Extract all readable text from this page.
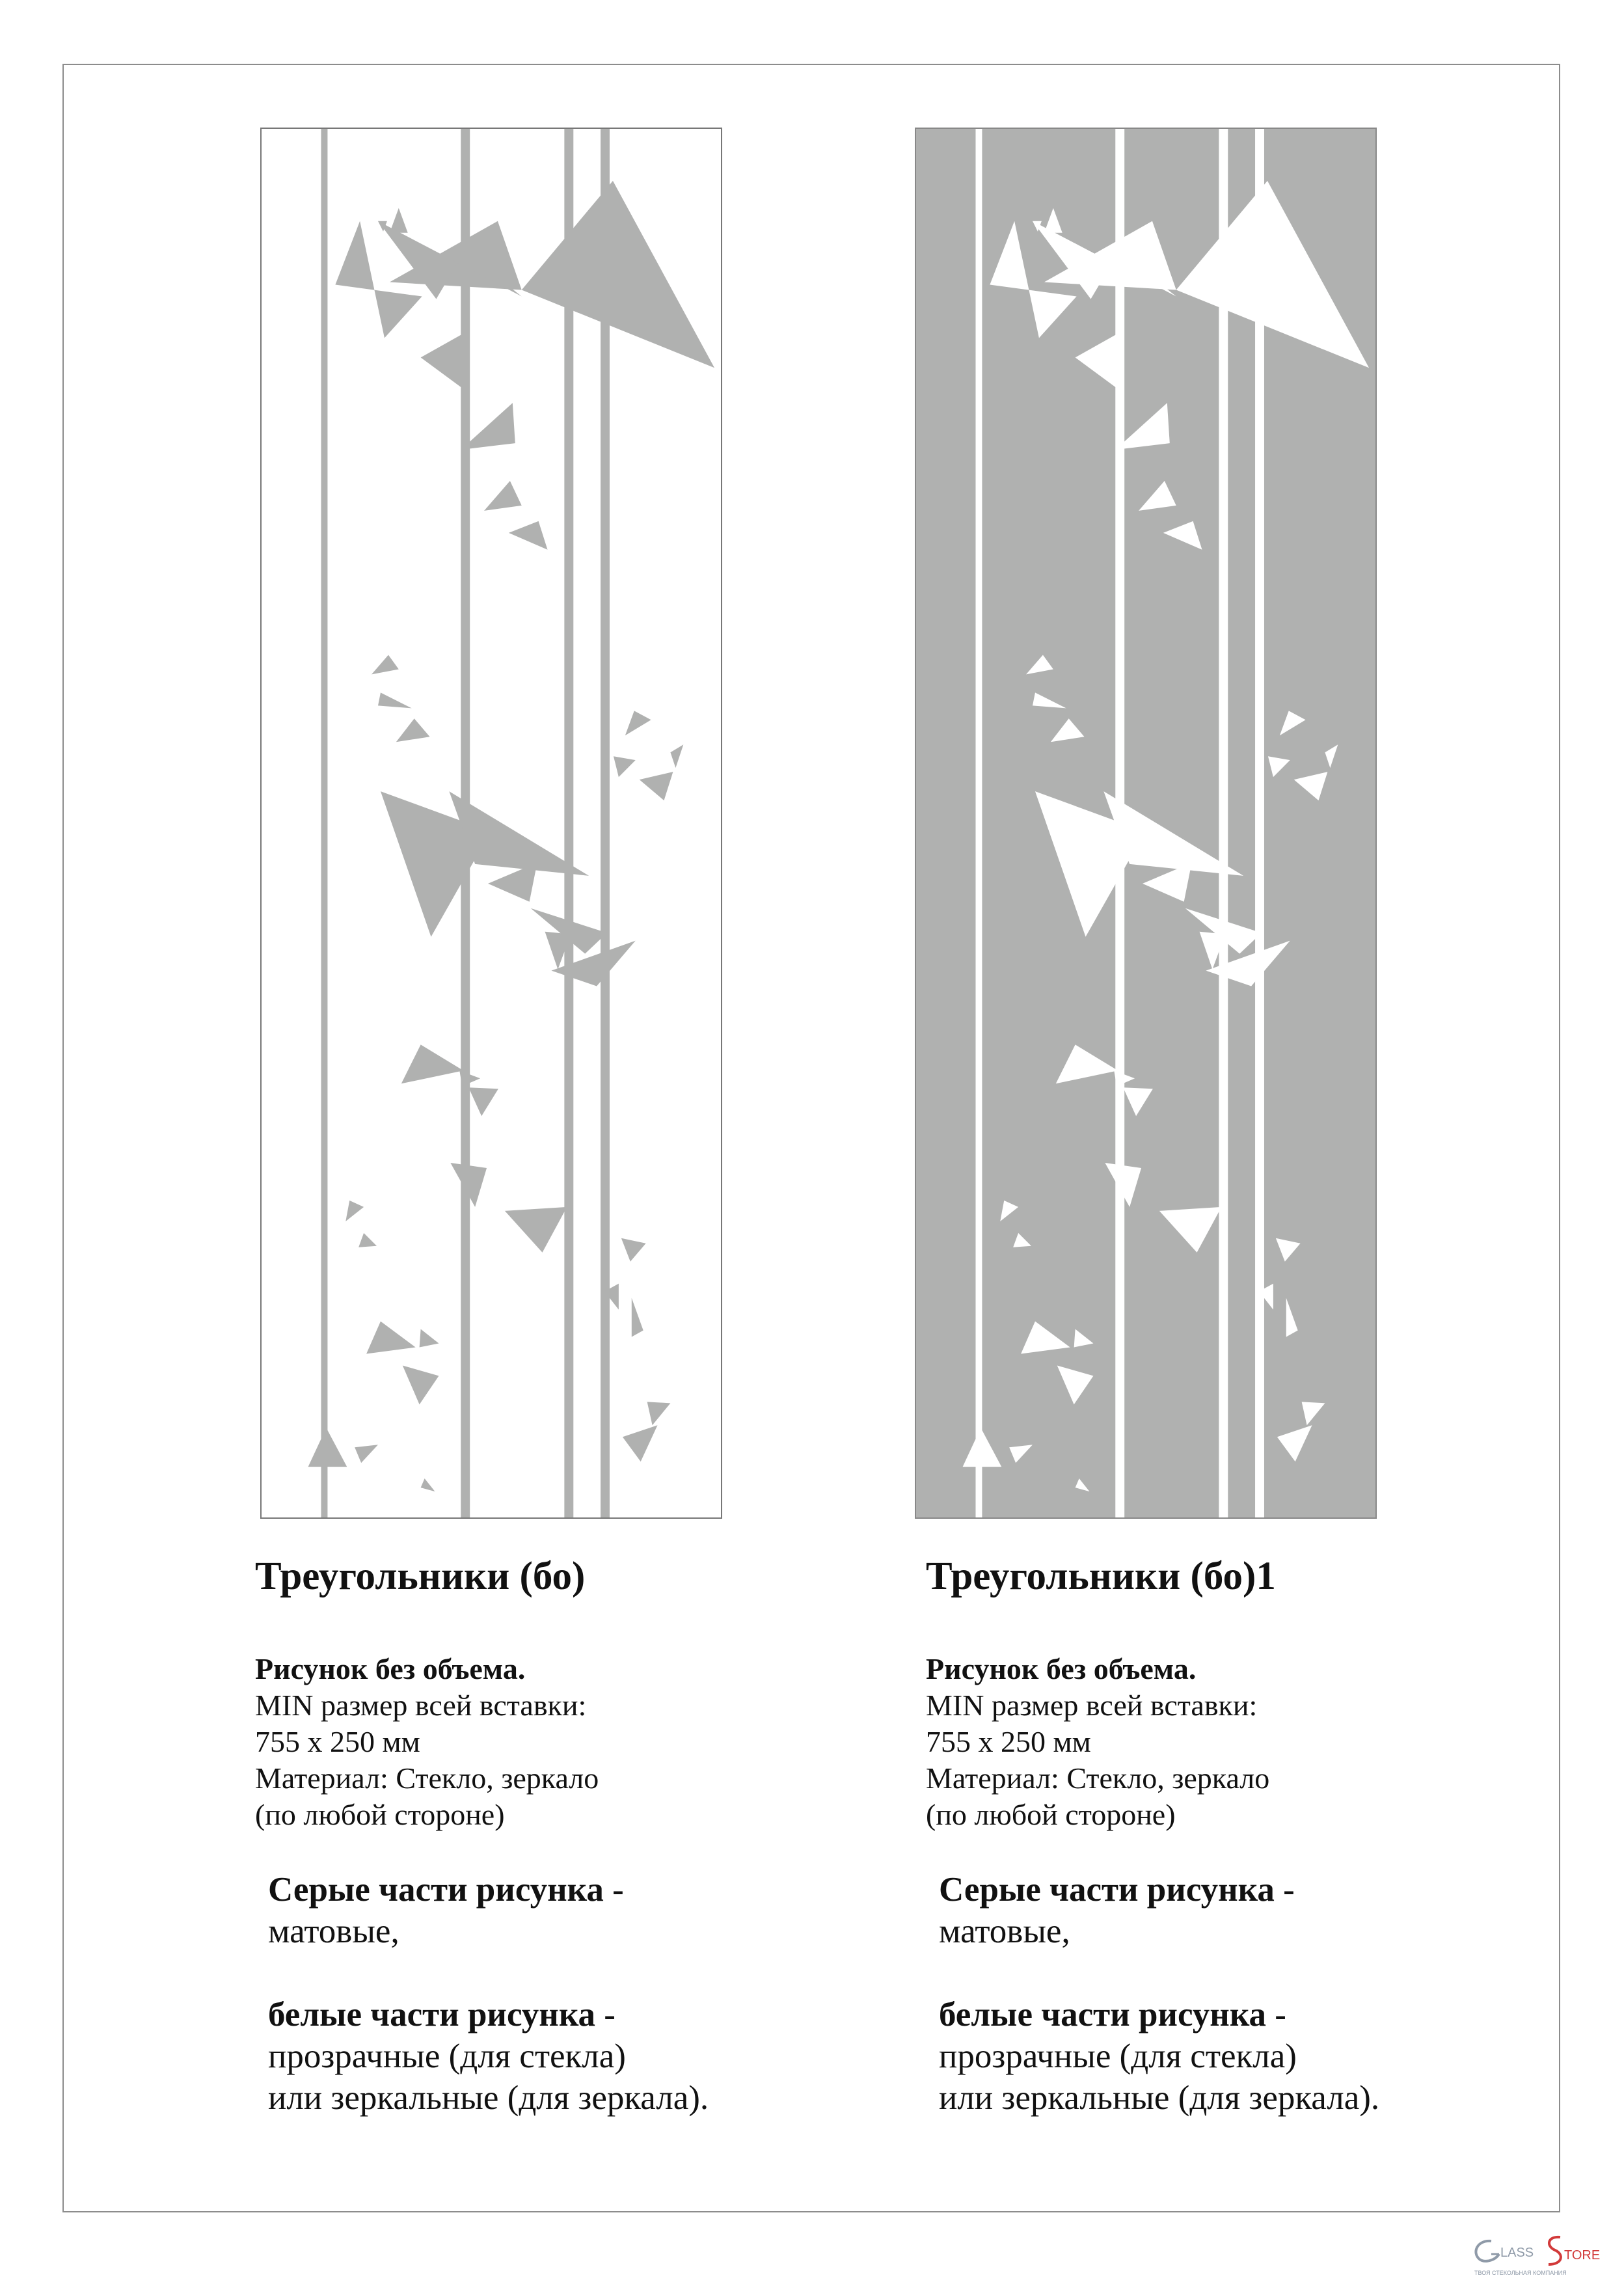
Треугольники (бо)
Рисунок без объема.
MIN размер всей вставки:
755 х 250 мм
Материал: Стекло, зеркало
(по любой стороне)
Серые части рисунка -
матовые,
белые части рисунка -
прозрачные (для стекла)
или зеркальные (для зеркала).
Треугольники (бо)1
Рисунок без объема.
MIN размер всей вставки:
755 х 250 мм
Материал: Стекло, зеркало
(по любой стороне)
Серые части рисунка -
матовые,
белые части рисунка -
прозрачные (для стекла)
или зеркальные (для зеркала).
LASS TORE
ТВОЯ СТЕКОЛЬНАЯ КОМПАНИЯ
